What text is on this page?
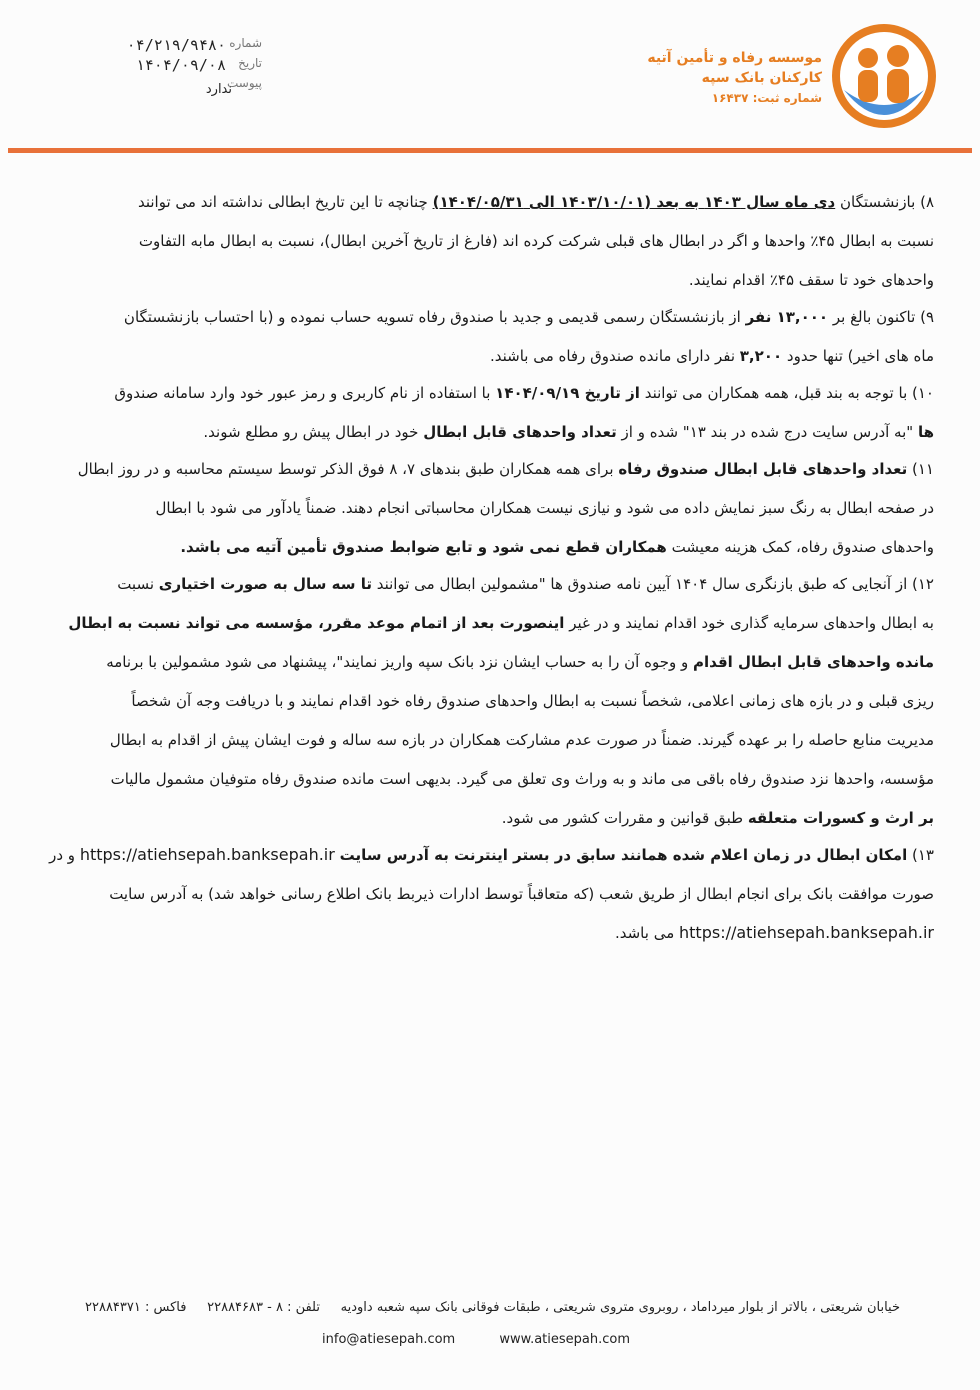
موسسه رفاه و تأمین آتیه
کارکنان بانک سپه
شماره ثبت: ۱۶۴۳۷
شماره
۰۴/۲۱۹/۹۴۸۰
تاریخ
۱۴۰۴/۰۹/۰۸
پیوست
ندارد
۸) بازنشستگان دی ماه سال ۱۴۰۳ به بعد (۱۴۰۳/۱۰/۰۱ الی ۱۴۰۴/۰۵/۳۱) چنانچه تا این تاریخ ابطالی نداشته اند می توانند
نسبت به ابطال ۴۵٪ واحدها و اگر در ابطال های قبلی شرکت کرده اند (فارغ از تاریخ آخرین ابطال)، نسبت به ابطال مابه التفاوت
واحدهای خود تا سقف ۴۵٪ اقدام نمایند.
۹) تاکنون بالغ بر ۱۳,۰۰۰ نفر از بازنشستگان رسمی قدیمی و جدید با صندوق رفاه تسویه حساب نموده و (با احتساب بازنشستگان
ماه های اخیر) تنها حدود ۳,۲۰۰ نفر دارای مانده صندوق رفاه می باشند.
۱۰) با توجه به بند قبل، همه همکاران می توانند از تاریخ ۱۴۰۴/۰۹/۱۹ با استفاده از نام کاربری و رمز عبور خود وارد سامانه صندوق
ها "به آدرس سایت درج شده در بند ۱۳" شده و از تعداد واحدهای قابل ابطال خود در ابطال پیش رو مطلع شوند.
۱۱) تعداد واحدهای قابل ابطال صندوق رفاه برای همه همکاران طبق بندهای ۷، ۸ فوق الذکر توسط سیستم محاسبه و در روز ابطال
در صفحه ابطال به رنگ سبز نمایش داده می شود و نیازی نیست همکاران محاسباتی انجام دهند. ضمناً یادآور می شود با ابطال
واحدهای صندوق رفاه، کمک هزینه معیشت همکاران قطع نمی شود و تابع ضوابط صندوق تأمین آتیه می باشد.
۱۲) از آنجایی که طبق بازنگری سال ۱۴۰۴ آیین نامه صندوق ها "مشمولین ابطال می توانند تا سه سال به صورت اختیاری نسبت
به ابطال واحدهای سرمایه گذاری خود اقدام نمایند و در غیر اینصورت بعد از اتمام موعد مقرر، مؤسسه می تواند نسبت به ابطال
مانده واحدهای قابل ابطال اقدام و وجوه آن را به حساب ایشان نزد بانک سپه واریز نمایند"، پیشنهاد می شود مشمولین با برنامه
ریزی قبلی و در بازه های زمانی اعلامی، شخصاً نسبت به ابطال واحدهای صندوق رفاه خود اقدام نمایند و با دریافت وجه آن شخصاً
مدیریت منابع حاصله را بر عهده گیرند. ضمناً در صورت عدم مشارکت همکاران در بازه سه ساله و فوت ایشان پیش از اقدام به ابطال
مؤسسه، واحدها نزد صندوق رفاه باقی می ماند و به وراث وی تعلق می گیرد. بدیهی است مانده صندوق رفاه متوفیان مشمول مالیات
بر ارث و کسورات متعلقه طبق قوانین و مقررات کشور می شود.
۱۳) امکان ابطال در زمان اعلام شده همانند سابق در بستر اینترنت به آدرس سایت https://atiehsepah.banksepah.ir و در
صورت موافقت بانک برای انجام ابطال از طریق شعب (که متعاقباً توسط ادارات ذیربط بانک اطلاع رسانی خواهد شد) به آدرس سایت
https://atiehsepah.banksepah.ir می باشد.
خیابان شریعتی ، بالاتر از بلوار میرداماد ، روبروی متروی شریعتی ، طبقات فوقانی بانک سپه شعبه داودیه     تلفن : ۸ - ۲۲۸۸۴۶۸۳     فاکس : ۲۲۸۸۴۳۷۱
info@atiesepah.com	www.atiesepah.com
